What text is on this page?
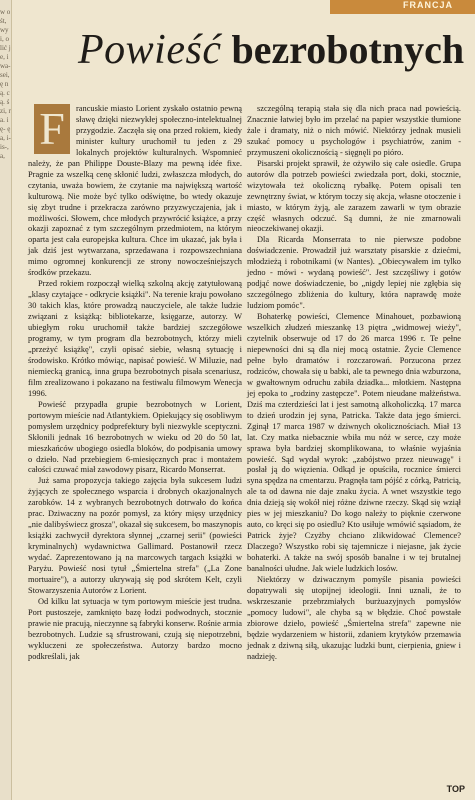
w ośt, wyi, o lić je, i wa- sei, ę ną. cą. ś zi, ra. ię- ę a, i- is-, a,
FRANCJA
Powieść bezrobotnych
F	rancuskie miasto Lorient zyskało ostatnio pewną sławę dzięki niezwykłej społeczno-intelektualnej przygodzie. Zaczęła się ona przed rokiem, kiedy minister kultury uruchomił tu jeden z 29 lokalnych projektów kulturalnych. Wspomnieć należy, że pan Philippe Douste-Blazy ma pewną idée fixe. Pragnie za wszelką cenę skłonić ludzi, zwłaszcza młodych, do czytania, uważa bowiem, że czytanie ma największą wartość kulturową. Nie może być tylko odświętne, bo wtedy okazuje się zbyt trudne i przekracza zarówno przyzwyczajenia, jak i możliwości. Słowem, chce młodych przywrócić książce, a przy okazji zapoznać z tym szczególnym przedmiotem, na którym oparta jest cała europejska kultura. Chce im ukazać, jak była i jak dziś jest wytwarzana, sprzedawana i rozpowszechniana mimo ogromnej konkurencji ze strony nowocześniejszych środków przekazu.

Przed rokiem rozpoczął wielką szkolną akcję zatytułowaną „klasy czytające - odkrycie książki". Na terenie kraju powołano 30 takich klas, które prowadzą nauczyciele, ale także ludzie związani z książką: bibliotekarze, księgarze, autorzy. W ubiegłym roku uruchomił także bardziej szczegółowe programy, w tym program dla bezrobotnych, którzy mieli „przeżyć książkę", czyli opisać siebie, własną sytuację i środowisko. Krótko mówiąc, napisać powieść. W Miluzie, nad niemiecką granicą, inna grupa bezrobotnych pisała scenariusz, film zrealizowano i pokazano na festiwalu filmowym Wenecja 1996.

Powieść przypadła grupie bezrobotnych w Lorient, portowym mieście nad Atlantykiem. Opiekujący się osobliwym pomysłem urzędnicy podprefektury byli niezwykle sceptyczni. Skłonili jednak 16 bezrobotnych w wieku od 20 do 50 lat, mieszkańców ubogiego osiedla bloków, do podpisania umowy o dzieło. Nad przebiegiem 6-miesięcznych prac i montażem całości czuwać miał zawodowy pisarz, Ricardo Monserrat.

Już sama propozycja takiego zajęcia była sukcesem ludzi żyjących ze społecznego wsparcia i drobnych okazjonalnych zarobków. 14 z wybranych bezrobotnych dotrwało do końca prac. Dziwaczny na pozór pomysł, za który mięsy urzędnicy „nie dalibyświecz grosza", okazał się sukcesem, bo maszynopis książki zachwycił dyrektora słynnej „czarnej serii" (powieści kryminalnych) wydawnictwa Gallimard. Postanowił rzecz wydać. Zaprezentowano ją na marcowych targach książki w Paryżu. Powieść nosi tytuł „Śmiertelna strefa" („La Zone mortuaire"), a autorzy ukrywają się pod skrótem Kelt, czyli Stowarzyszenia Autorów z Lorient.

Od kilku lat sytuacja w tym portowym mieście jest trudna. Port pustoszeje, zamknięto bazę łodzi podwodnych, stocznie prawie nie pracują, nieczynne są fabryki konserw. Rośnie armia bezrobotnych. Ludzie są sfrustrowani, czują się niepotrzebni, wykluczeni ze społeczeństwa. Autorzy bardzo mocno podkreślali, jak

szczególną terapią stała się dla nich praca nad powieścią. Znacznie łatwiej było im przelać na papier wszystkie tłumione żale i dramaty, niż o nich mówić. Niektórzy jednak musieli szukać pomocy u psychologów i psychiatrów, zanim - przymuszeni okolicznością - sięgnęli po pióro.

Pisarski projekt sprawił, że ożywiło się całe osiedle. Grupa autorów dla potrzeb powieści zwiedzała port, doki, stocznie, wizytowała też okoliczną rybałkę. Potem opisali ten zewnętrzny świat, w którym toczy się akcja, własne otoczenie i miasto, w którym żyją, ale zarazem zawarli w tym obrazie część własnych odczuć. Są dumni, że nie zmarnowali nieoczekiwanej okazji.

Dla Ricarda Monserrata to nie pierwsze podobne doświadczenie. Prowadził już warsztaty pisarskie z dziećmi, młodzieżą i robotnikami (w Nantes). „Obiecywałem im tylko jedno - mówi - wydaną powieść". Jest szczęśliwy i gotów podjąć nowe doświadczenie, bo „nigdy lepiej nie zgłębia się szczególnego zbliżenia do kultury, która naprawdę może ludziom pomóc".

Bohaterkę powieści, Clemence Minahouet, pozbawioną wszelkich złudzeń mieszankę 13 piętra „widmowej wieży", czytelnik obserwuje od 17 do 26 marca 1996 r. Te pełne niepewności dni są dla niej mocą ostatnie. Życie Clemence pełne było dramatów i rozczarowań. Porzucona przez rodziców, chowała się u babki, ale ta pewnego dnia wzburzona, w gwałtownym odruchu zabiła dziadka... młotkiem. Następna jej epoka to „rodziny zastępcze". Potem nieudane małżeństwa. Dziś ma czterdzieści lat i jest samotną alkoholiczką. 17 marca to dzień urodzin jej syna, Patricka. Także data jego śmierci. Zginął 17 marca 1987 w dziwnych okolicznościach. Miał 13 lat. Czy matka niebacznie wbiła mu nóż w serce, czy może sprawa była bardziej skomplikowana, to właśnie wyjaśnia powieść. Sąd wydał wyrok: „zabójstwo przez nieuwagę" i posłał ją do więzienia. Odkąd je opuściła, rocznice śmierci syna spędza na cmentarzu. Pragnęła tam pójść z córką, Patricią, ale ta od dawna nie daje znaku życia. A wnet wszystkie tego dnia dzieją się wokół niej różne dziwne rzeczy. Skąd się wziął pies w jej mieszkaniu? Do kogo należy to pięknie czerwone auto, co kręci się po osiedlu? Kto usiłuje wmówić sąsiadom, że Patrick żyje? Czyżby chciano zlikwidować Clemence? Dlaczego? Wszystko robi się tajemnicze i niejasne, jak życie bohaterki. A także na swój sposób banalne i w tej brutalnej banalności ułudne. Jak wiele ludzkich losów.

Niektórzy w dziwacznym pomyśle pisania powieści dopatrywali się utopijnej ideologii. Inni uznali, że to wskrzeszanie przebrzmiałych burżuazyjnych pomysłów „pomocy ludowi", ale chyba są w błędzie. Choć powstałe zbiorowe dzieło, powieść „Śmiertelna strefa" zapewne nie będzie wydarzeniem w historii, zdaniem krytyków przemawia jednak z dziwną siłą, ukazując ludzki bunt, cierpienia, gniew i nadzieję.

TOP
